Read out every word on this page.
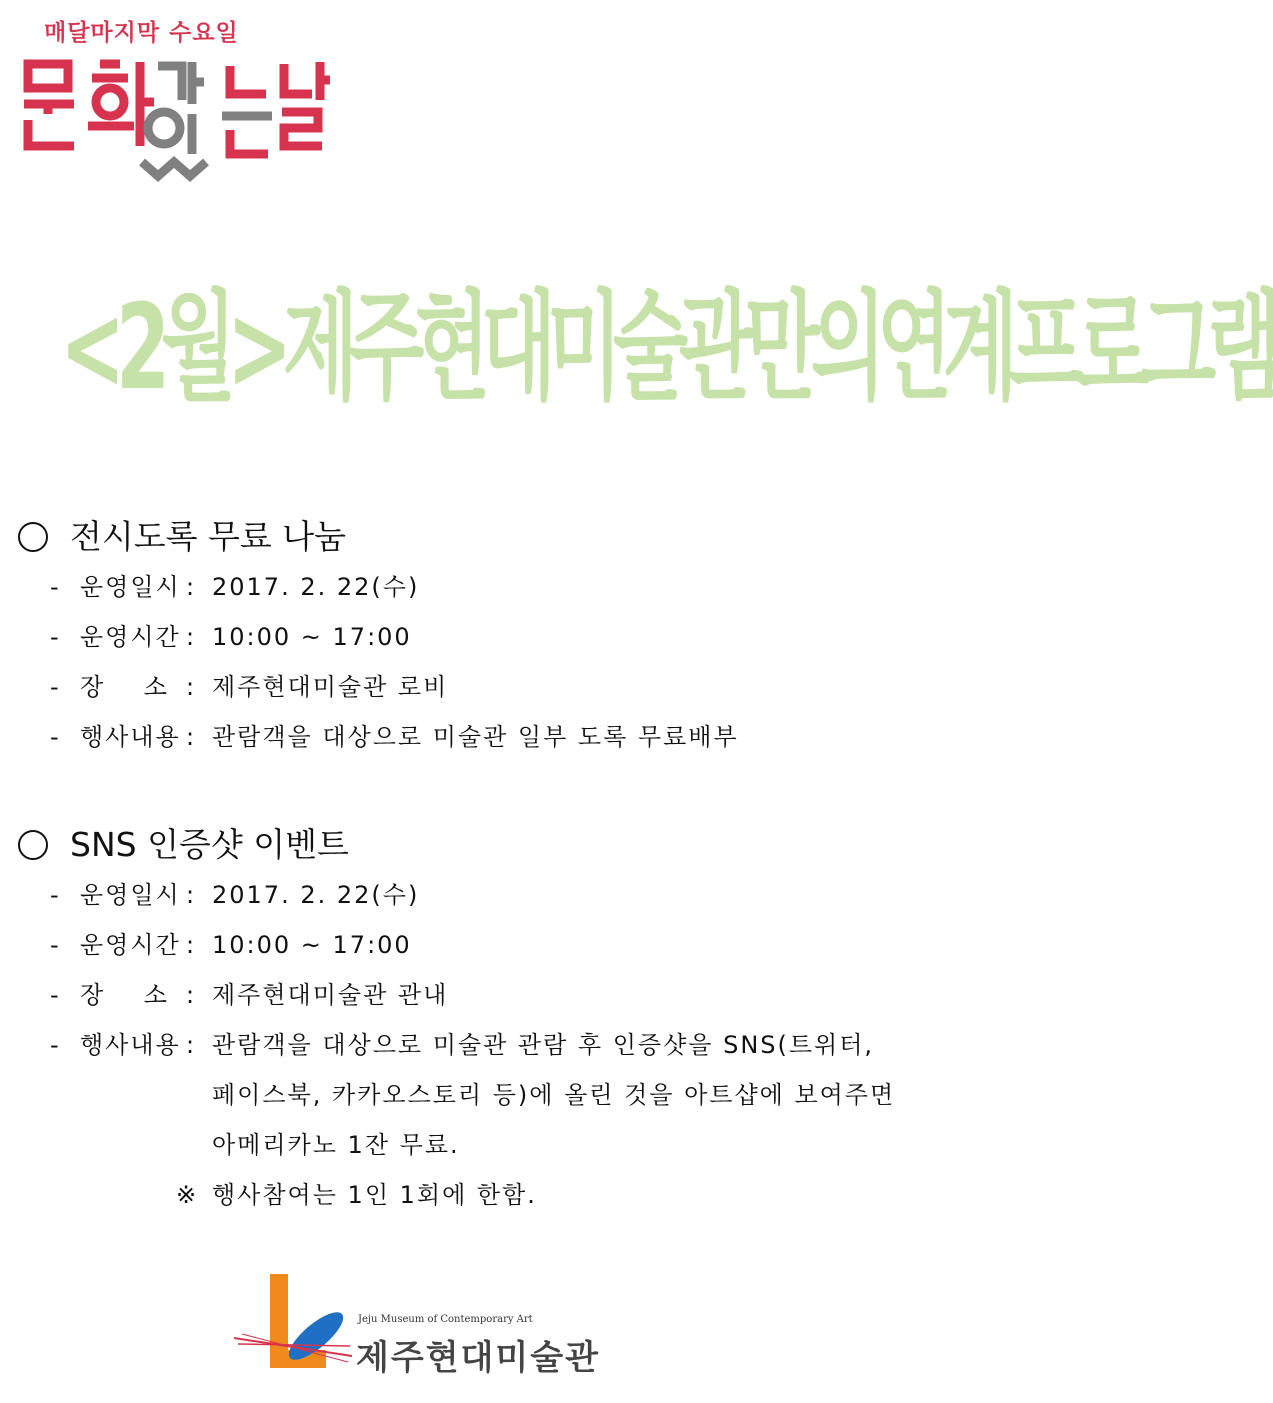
매달마지막 수요일
<2월>제주현대미술관만의연계프로그램
전시도록 무료 나눔
- 운영일시 : 2017. 2. 22(수)
- 운영시간 : 10:00 ~ 17:00
- 장    소 : 제주현대미술관 로비
- 행사내용 : 관람객을 대상으로 미술관 일부 도록 무료배부
SNS 인증샷 이벤트
- 운영일시 : 2017. 2. 22(수)
- 운영시간 : 10:00 ~ 17:00
- 장    소 : 제주현대미술관 관내
- 행사내용 : 관람객을 대상으로 미술관 관람 후 인증샷을 SNS(트위터,
페이스북, 카카오스토리 등)에 올린 것을 아트샵에 보여주면
아메리카노 1잔 무료.
※ 행사참여는 1인 1회에 한함.
Jeju Museum of Contemporary Art
제주현대미술관
